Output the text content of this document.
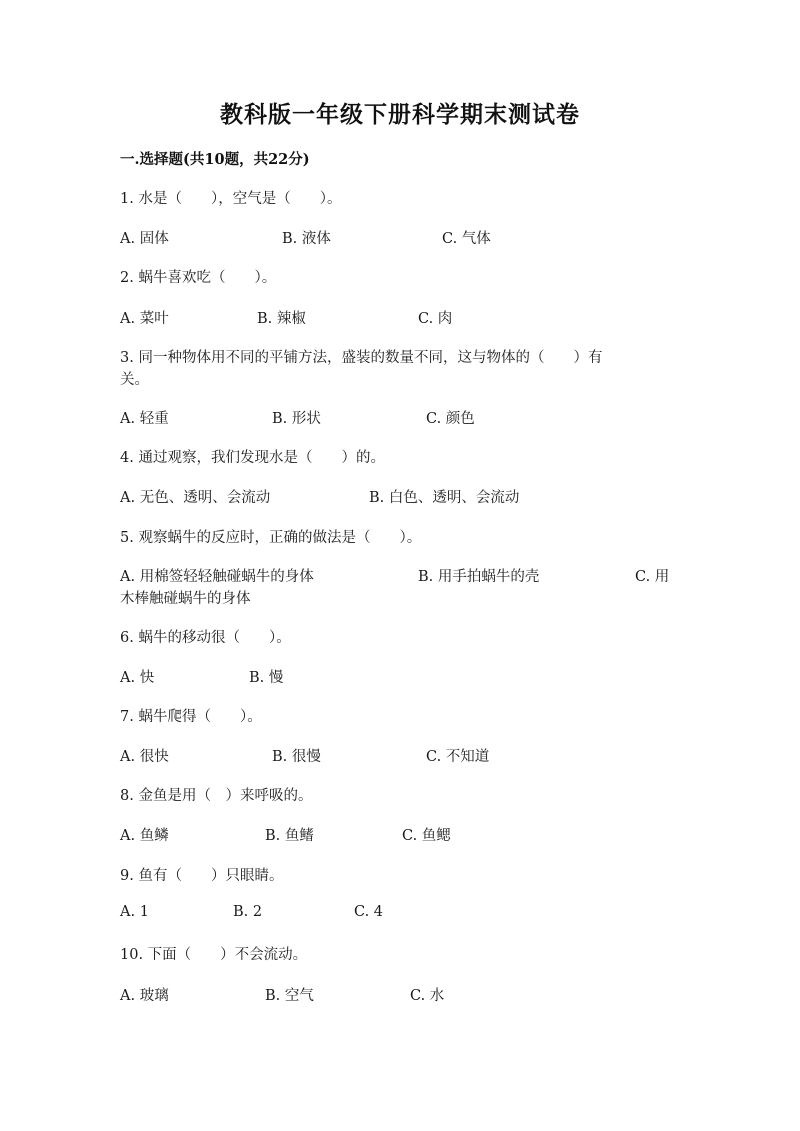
教科版一年级下册科学期末测试卷
一.选择题(共10题，共22分)
1. 水是（　　），空气是（　　）。
A. 固体	B. 液体	C. 气体
2. 蜗牛喜欢吃（　　）。
A. 菜叶	B. 辣椒	C. 肉
3. 同一种物体用不同的平铺方法，盛装的数量不同，这与物体的（　　）有
关。
A. 轻重	B. 形状	C. 颜色
4. 通过观察，我们发现水是（　　）的。
A. 无色、透明、会流动	B. 白色、透明、会流动
5. 观察蜗牛的反应时，正确的做法是（　　）。
A. 用棉签轻轻触碰蜗牛的身体	B. 用手拍蜗牛的壳	C. 用
木棒触碰蜗牛的身体
6. 蜗牛的移动很（　　）。
A. 快	B. 慢
7. 蜗牛爬得（　　）。
A. 很快	B. 很慢	C. 不知道
8. 金鱼是用（　）来呼吸的。
A. 鱼鳞	B. 鱼鳍	C. 鱼鳃
9. 鱼有（　　）只眼睛。
A. 1	B. 2	C. 4
10. 下面（　　）不会流动。
A. 玻璃	B. 空气	C. 水
